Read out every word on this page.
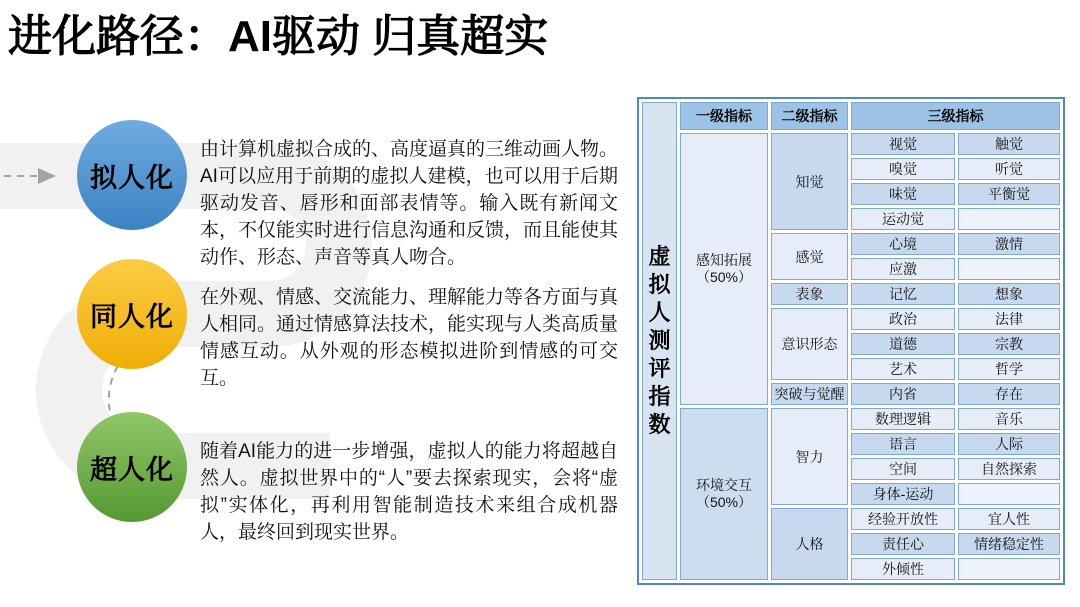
进化路径：AI驱动 归真超实
拟人化
同人化
超人化
由计算机虚拟合成的、高度逼真的三维动画人物。AI可以应用于前期的虚拟人建模，也可以用于后期驱动发音、唇形和面部表情等。输入既有新闻文本，不仅能实时进行信息沟通和反馈，而且能使其动作、形态、声音等真人吻合。
在外观、情感、交流能力、理解能力等各方面与真人相同。通过情感算法技术，能实现与人类高质量情感互动。从外观的形态模拟进阶到情感的可交互。
随着AI能力的进一步增强，虚拟人的能力将超越自然人。虚拟世界中的“人”要去探索现实，会将“虚拟”实体化，再利用智能制造技术来组合成机器人，最终回到现实世界。
虚拟人测评指数	一级指标	二级指标	三级指标	

	感知拓展
（50%）	知觉	视觉	触觉
			嗅觉	听觉
			味觉	平衡觉
			运动觉	
		感觉	心境	激情
			应激	
		表象	记忆	想象
		意识形态	政治	法律
			道德	宗教
			艺术	哲学
		突破与觉醒	内省	存在

	环境交互
（50%）	智力	数理逻辑	音乐
			语言	人际
			空间	自然探索
			身体-运动	
		人格	经验开放性	宜人性
			责任心	情绪稳定性
			外倾性	
